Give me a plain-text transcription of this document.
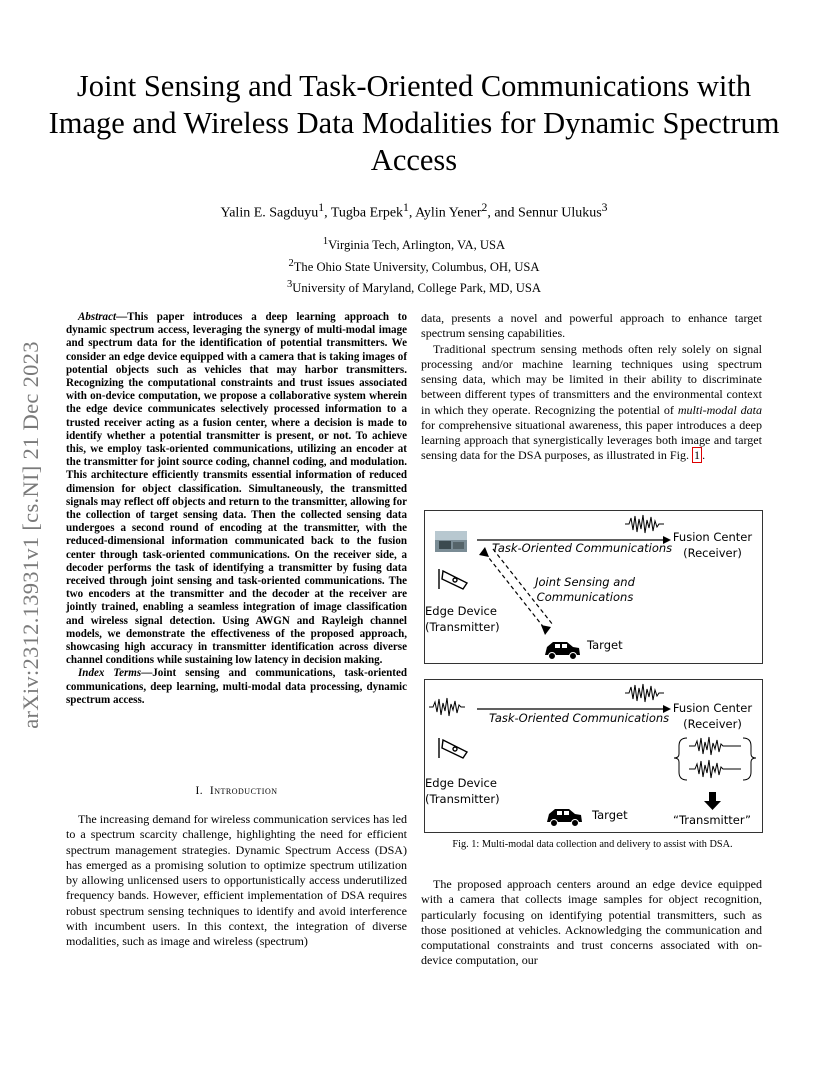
Joint Sensing and Task-Oriented Communications with Image and Wireless Data Modalities for Dynamic Spectrum Access
Yalin E. Sagduyu$^1$, Tugba Erpek$^1$, Aylin Yener$^2$, and Sennur Ulukus$^3$
$^1$Virginia Tech, Arlington, VA, USA
$^2$The Ohio State University, Columbus, OH, USA
$^3$University of Maryland, College Park, MD, USA
arXiv:2312.13931v1 [cs.NI] 21 Dec 2023

Abstract—This paper introduces a deep learning approach to dynamic spectrum access, leveraging the synergy of multi-modal image and spectrum data for the identification of potential transmitters. We consider an edge device equipped with a camera that is taking images of potential objects such as vehicles that may harbor transmitters. Recognizing the computational constraints and trust issues associated with on-device computation, we propose a collaborative system wherein the edge device communicates selectively processed information to a trusted receiver acting as a fusion center, where a decision is made to identify whether a potential transmitter is present, or not. To achieve this, we employ task-oriented communications, utilizing an encoder at the transmitter for joint source coding, channel coding, and modulation. This architecture efficiently transmits essential information of reduced dimension for object classification. Simultaneously, the transmitted signals may reflect off objects and return to the transmitter, allowing for the collection of target sensing data. Then the collected sensing data undergoes a second round of encoding at the transmitter, with the reduced-dimensional information communicated back to the fusion center through task-oriented communications. On the receiver side, a decoder performs the task of identifying a transmitter by fusing data received through joint sensing and task-oriented communications. The two encoders at the transmitter and the decoder at the receiver are jointly trained, enabling a seamless integration of image classification and wireless signal detection. Using AWGN and Rayleigh channel models, we demonstrate the effectiveness of the proposed approach, showcasing high accuracy in transmitter identification across diverse channel conditions while sustaining low latency in decision making.

Index Terms—Joint sensing and communications, task-oriented communications, deep learning, multi-modal data processing, dynamic spectrum access.

I. Introduction

The increasing demand for wireless communication services has led to a spectrum scarcity challenge, highlighting the need for efficient spectrum management strategies. Dynamic Spectrum Access (DSA) has emerged as a promising solution to optimize spectrum utilization by allowing unlicensed users to opportunistically access underutilized frequency bands. However, efficient implementation of DSA requires robust spectrum sensing techniques to identify and avoid interference with incumbent users. In this context, the integration of diverse modalities, such as image and wireless (spectrum)

data, presents a novel and powerful approach to enhance target spectrum sensing capabilities.

Traditional spectrum sensing methods often rely solely on signal processing and/or machine learning techniques using spectrum sensing data, which may be limited in their ability to discriminate between different types of transmitters and the environmental context in which they operate. Recognizing the potential of multi-modal data for comprehensive situational awareness, this paper introduces a deep learning approach that synergistically leverages both image and target sensing data for the DSA purposes, as illustrated in Fig. 1 .

Task-Oriented Communications
Joint Sensing and
Communications
Fusion Center
(Receiver)
Edge Device
(Transmitter)
Target
Task-Oriented Communications
Fusion Center
(Receiver)
Edge Device
(Transmitter)
Target	“Transmitter”
Fig. 1: Multi-modal data collection and delivery to assist with DSA.

The proposed approach centers around an edge device equipped with a camera that collects image samples for object recognition, particularly focusing on identifying potential transmitters, such as those positioned at vehicles. Acknowledging the communication and computational constraints and trust concerns associated with on-device computation, our
